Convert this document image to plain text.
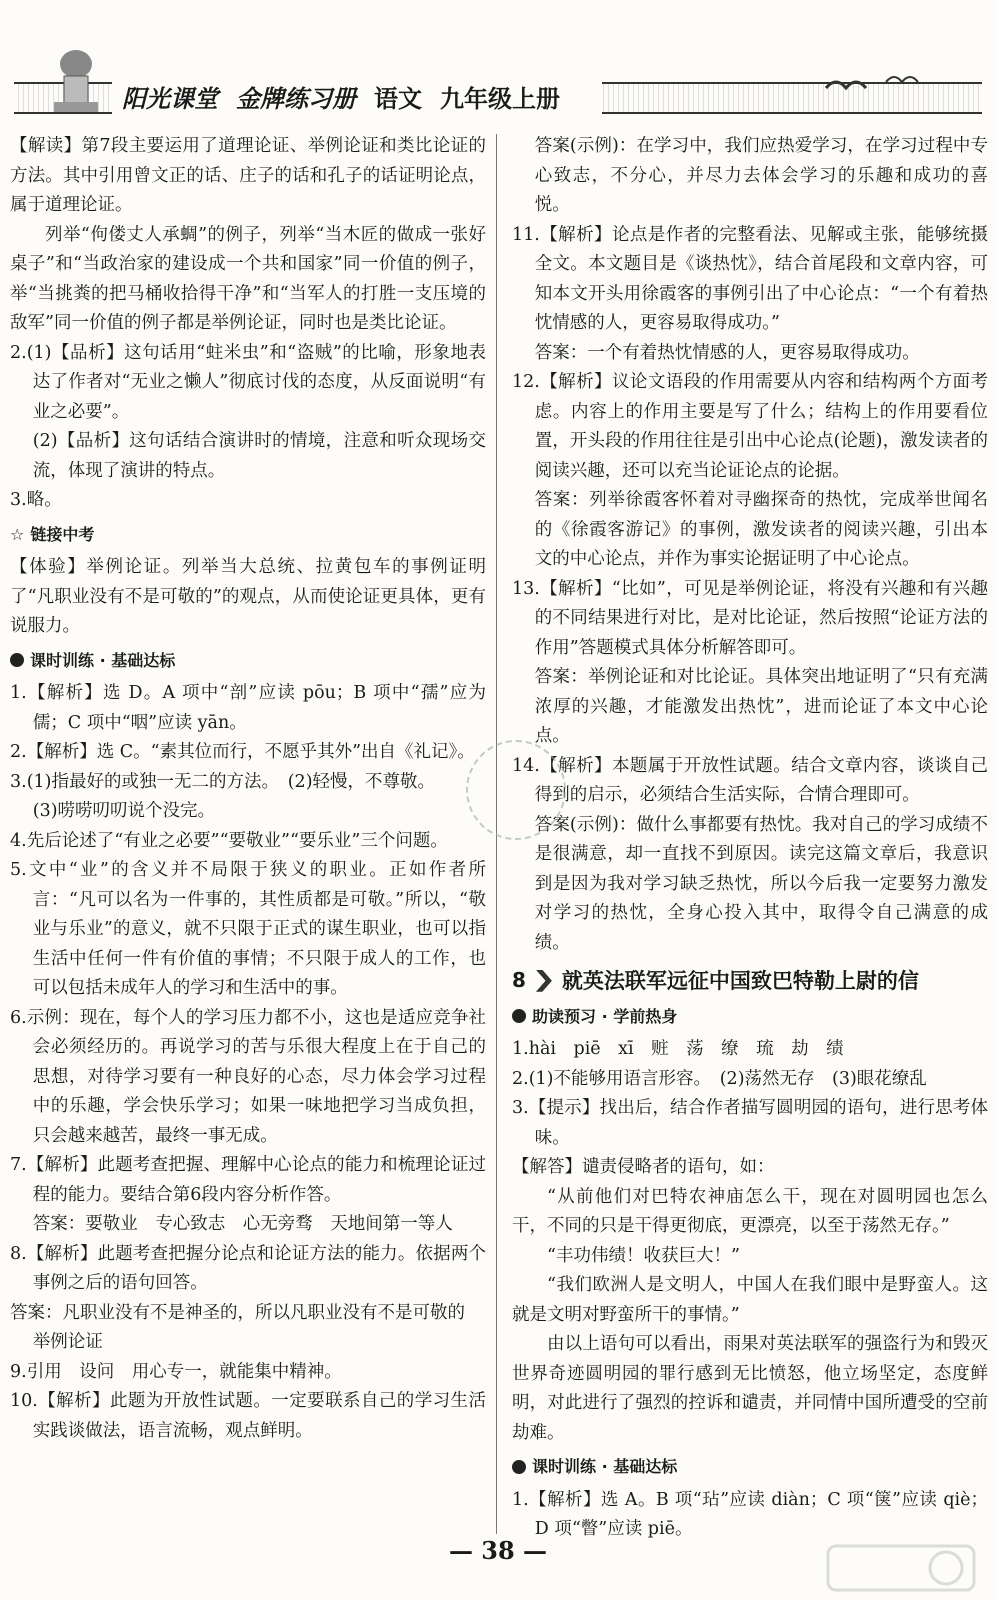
阳光课堂 金牌练习册 语文 九年级上册

【解读】第7段主要运用了道理论证、举例论证和类比论证的方法。其中引用曾文正的话、庄子的话和孔子的话证明论点，属于道理论证。

列举“佝偻丈人承蜩”的例子，列举“当木匠的做成一张好桌子”和“当政治家的建设成一个共和国家”同一价值的例子，举“当挑粪的把马桶收拾得干净”和“当军人的打胜一支压境的敌军”同一价值的例子都是举例论证，同时也是类比论证。

2.(1)【品析】这句话用“蛀米虫”和“盗贼”的比喻，形象地表达了作者对“无业之懒人”彻底讨伐的态度，从反面说明“有业之必要”。

(2)【品析】这句话结合演讲时的情境，注意和听众现场交流，体现了演讲的特点。

3.略。

☆ 链接中考

【体验】举例论证。列举当大总统、拉黄包车的事例证明了“凡职业没有不是可敬的”的观点，从而使论证更具体，更有说服力。

课时训练 · 基础达标

1.【解析】选 D。A 项中“剖”应读 pōu；B 项中“孺”应为儒；C 项中“咽”应读 yān。

2.【解析】选 C。“素其位而行，不愿乎其外”出自《礼记》。

3.(1)指最好的或独一无二的方法。　(2)轻慢，不尊敬。

(3)唠唠叨叨说个没完。

4.先后论述了“有业之必要”“要敬业”“要乐业”三个问题。

5.文中“业”的含义并不局限于狭义的职业。正如作者所言：“凡可以名为一件事的，其性质都是可敬。”所以，“敬业与乐业”的意义，就不只限于正式的谋生职业，也可以指生活中任何一件有价值的事情；不只限于成人的工作，也可以包括未成年人的学习和生活中的事。

6.示例：现在，每个人的学习压力都不小，这也是适应竞争社会必须经历的。再说学习的苦与乐很大程度上在于自己的思想，对待学习要有一种良好的心态，尽力体会学习过程中的乐趣，学会快乐学习；如果一味地把学习当成负担，只会越来越苦，最终一事无成。

7.【解析】此题考查把握、理解中心论点的能力和梳理论证过程的能力。要结合第6段内容分析作答。

答案：要敬业　专心致志　心无旁骛　天地间第一等人

8.【解析】此题考查把握分论点和论证方法的能力。依据两个事例之后的语句回答。

答案：凡职业没有不是神圣的，所以凡职业没有不是可敬的

举例论证

9.引用　设问　用心专一，就能集中精神。

10.【解析】此题为开放性试题。一定要联系自己的学习生活实践谈做法，语言流畅，观点鲜明。

答案(示例)：在学习中，我们应热爱学习，在学习过程中专心致志，不分心，并尽力去体会学习的乐趣和成功的喜悦。

11.【解析】论点是作者的完整看法、见解或主张，能够统摄全文。本文题目是《谈热忱》，结合首尾段和文章内容，可知本文开头用徐霞客的事例引出了中心论点：“一个有着热忱情感的人，更容易取得成功。”

答案：一个有着热忱情感的人，更容易取得成功。

12.【解析】议论文语段的作用需要从内容和结构两个方面考虑。内容上的作用主要是写了什么；结构上的作用要看位置，开头段的作用往往是引出中心论点(论题)，激发读者的阅读兴趣，还可以充当论证论点的论据。

答案：列举徐霞客怀着对寻幽探奇的热忱，完成举世闻名的《徐霞客游记》的事例，激发读者的阅读兴趣，引出本文的中心论点，并作为事实论据证明了中心论点。

13.【解析】“比如”，可见是举例论证，将没有兴趣和有兴趣的不同结果进行对比，是对比论证，然后按照“论证方法的作用”答题模式具体分析解答即可。

答案：举例论证和对比论证。具体突出地证明了“只有充满浓厚的兴趣，才能激发出热忱”，进而论证了本文中心论点。

14.【解析】本题属于开放性试题。结合文章内容，谈谈自己得到的启示，必须结合生活实际，合情合理即可。

答案(示例)：做什么事都要有热忱。我对自己的学习成绩不是很满意，却一直找不到原因。读完这篇文章后，我意识到是因为我对学习缺乏热忱，所以今后我一定要努力激发对学习的热忱，全身心投入其中，取得令自己满意的成绩。

8 就英法联军远征中国致巴特勒上尉的信
助读预习 · 学前热身

1.hài　piē　xī　赃　荡　缭　琉　劫　绩

2.(1)不能够用语言形容。　(2)荡然无存　(3)眼花缭乱

3.【提示】找出后，结合作者描写圆明园的语句，进行思考体味。

【解答】谴责侵略者的语句，如：

“从前他们对巴特农神庙怎么干，现在对圆明园也怎么干，不同的只是干得更彻底，更漂亮，以至于荡然无存。”

“丰功伟绩！收获巨大！”

“我们欧洲人是文明人，中国人在我们眼中是野蛮人。这就是文明对野蛮所干的事情。”

由以上语句可以看出，雨果对英法联军的强盗行为和毁灭世界奇迹圆明园的罪行感到无比愤怒，他立场坚定，态度鲜明，对此进行了强烈的控诉和谴责，并同情中国所遭受的空前劫难。

课时训练 · 基础达标

1.【解析】选 A。B 项“玷”应读 diàn；C 项“箧”应读 qiè；D 项“瞥”应读 piē。

— 38 —
